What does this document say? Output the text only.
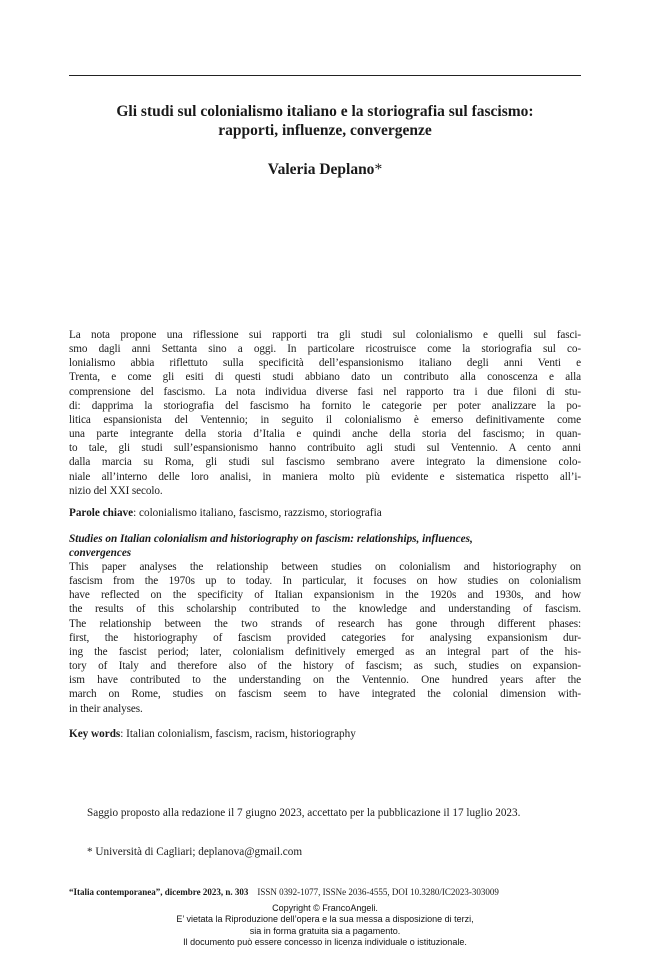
Gli studi sul colonialismo italiano e la storiografia sul fascismo:
rapporti, influenze, convergenze
Valeria Deplano*
La nota propone una riflessione sui rapporti tra gli studi sul colonialismo e quelli sul fasci-
smo dagli anni Settanta sino a oggi. In particolare ricostruisce come la storiografia sul co-
lonialismo abbia riflettuto sulla specificità dell’espansionismo italiano degli anni Venti e
Trenta, e come gli esiti di questi studi abbiano dato un contributo alla conoscenza e alla
comprensione del fascismo. La nota individua diverse fasi nel rapporto tra i due filoni di stu-
di: dapprima la storiografia del fascismo ha fornito le categorie per poter analizzare la po-
litica espansionista del Ventennio; in seguito il colonialismo è emerso definitivamente come
una parte integrante della storia d’Italia e quindi anche della storia del fascismo; in quan-
to tale, gli studi sull’espansionismo hanno contribuito agli studi sul Ventennio. A cento anni
dalla marcia su Roma, gli studi sul fascismo sembrano avere integrato la dimensione colo-
niale all’interno delle loro analisi, in maniera molto più evidente e sistematica rispetto all’i-
nizio del XXI secolo.
Parole chiave: colonialismo italiano, fascismo, razzismo, storiografia
Studies on Italian colonialism and historiography on fascism: relationships, influences,
convergences
This paper analyses the relationship between studies on colonialism and historiography on
fascism from the 1970s up to today. In particular, it focuses on how studies on colonialism
have reflected on the specificity of Italian expansionism in the 1920s and 1930s, and how
the results of this scholarship contributed to the knowledge and understanding of fascism.
The relationship between the two strands of research has gone through different phases:
first, the historiography of fascism provided categories for analysing expansionism dur-
ing the fascist period; later, colonialism definitively emerged as an integral part of the his-
tory of Italy and therefore also of the history of fascism; as such, studies on expansion-
ism have contributed to the understanding on the Ventennio. One hundred years after the
march on Rome, studies on fascism seem to have integrated the colonial dimension with-
in their analyses.
Key words: Italian colonialism, fascism, racism, historiography
Saggio proposto alla redazione il 7 giugno 2023, accettato per la pubblicazione il 17 luglio 2023.
* Università di Cagliari; deplanova@gmail.com
“Italia contemporanea”, dicembre 2023, n. 303 ISSN 0392-1077, ISSNe 2036-4555, DOI 10.3280/IC2023-303009
Copyright © FrancoAngeli.
E’ vietata la Riproduzione dell’opera e la sua messa a disposizione di terzi,
sia in forma gratuita sia a pagamento.
Il documento può essere concesso in licenza individuale o istituzionale.
